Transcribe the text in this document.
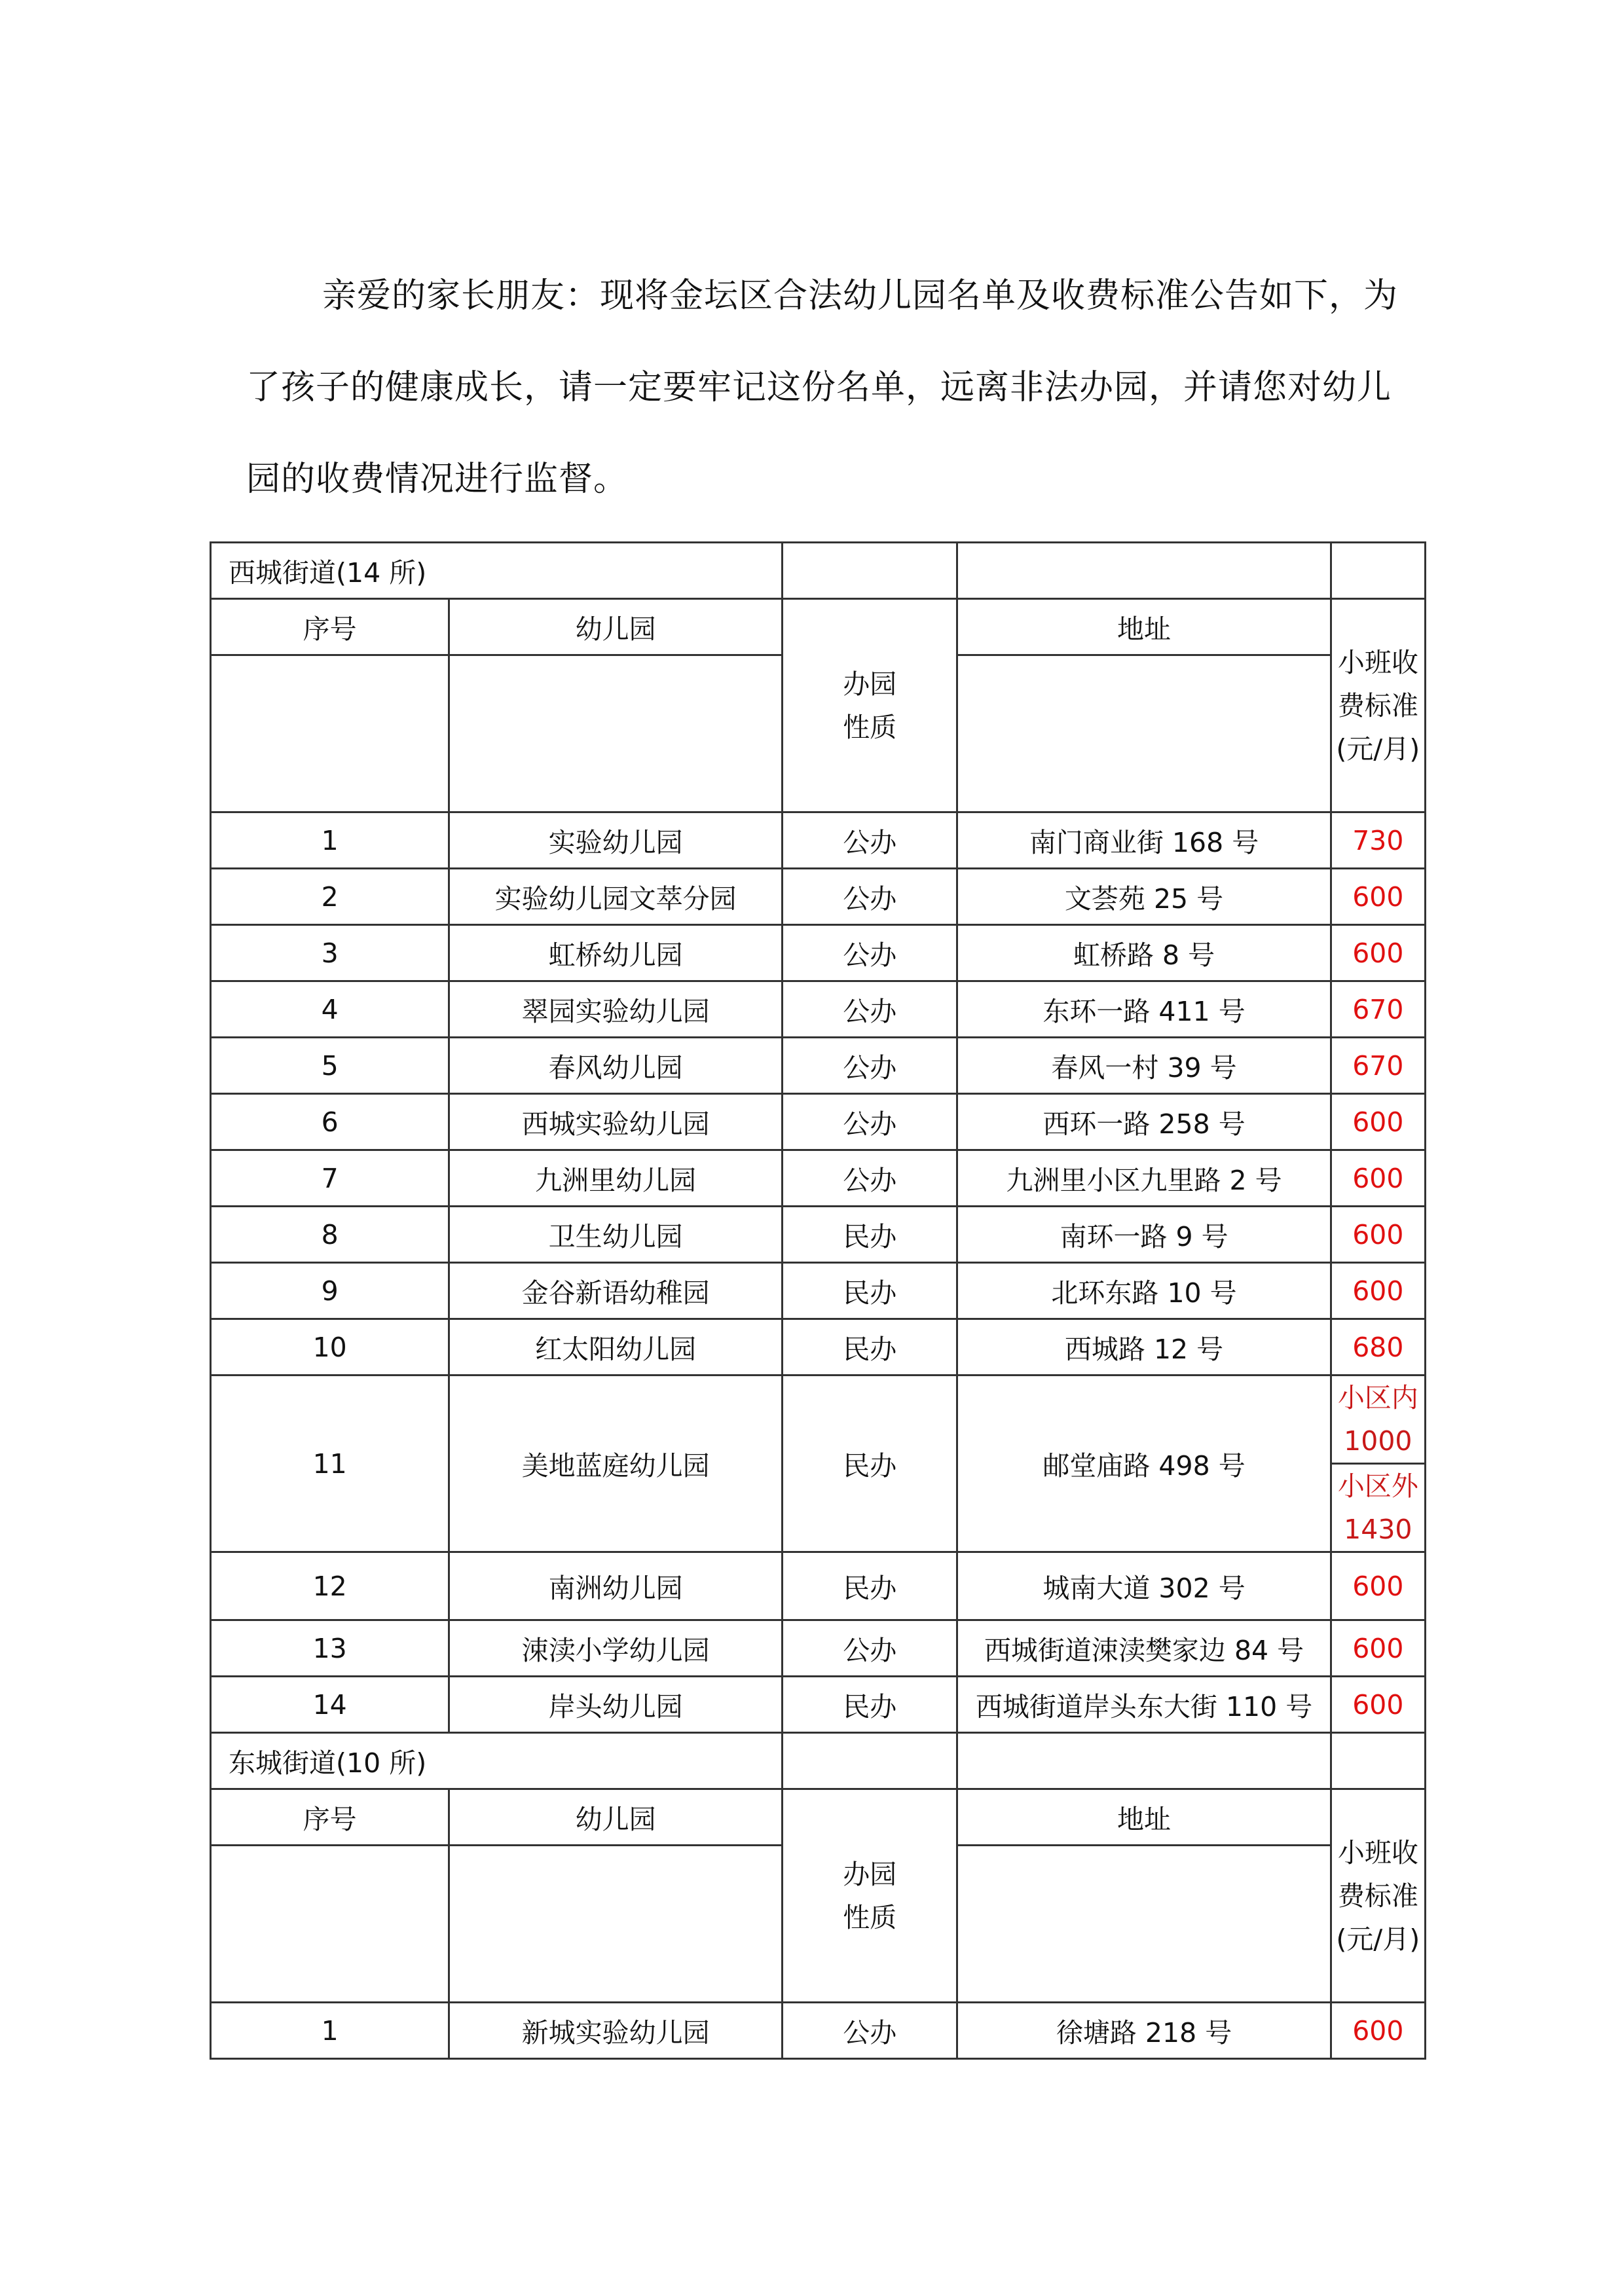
亲爱的家长朋友：现将金坛区合法幼儿园名单及收费标准公告如下，为了孩子的健康成长，请一定要牢记这份名单，远离非法办园，并请您对幼儿园的收费情况进行监督。

西城街道(14 所)				
序号	幼儿园	办园性质	地址	小班收费标准(元/月)

1	实验幼儿园	公办	南门商业街 168 号	730
2	实验幼儿园文萃分园	公办	文荟苑 25 号	600
3	虹桥幼儿园	公办	虹桥路 8 号	600
4	翠园实验幼儿园	公办	东环一路 411 号	670
5	春风幼儿园	公办	春风一村 39 号	670
6	西城实验幼儿园	公办	西环一路 258 号	600
7	九洲里幼儿园	公办	九洲里小区九里路 2 号	600
8	卫生幼儿园	民办	南环一路 9 号	600
9	金谷新语幼稚园	民办	北环东路 10 号	600
10	红太阳幼儿园	民办	西城路 12 号	680
11	美地蓝庭幼儿园	民办	邮堂庙路 498 号	小区内 1000
小区外 1430

12	南洲幼儿园	民办	城南大道 302 号	600
13	涑渎小学幼儿园	公办	西城街道涑渎樊家边 84 号	600
14	岸头幼儿园	民办	西城街道岸头东大街 110 号	600
东城街道(10 所)				
序号	幼儿园	办园性质	地址	小班收费标准(元/月)

1	新城实验幼儿园	公办	徐塘路 218 号	600
